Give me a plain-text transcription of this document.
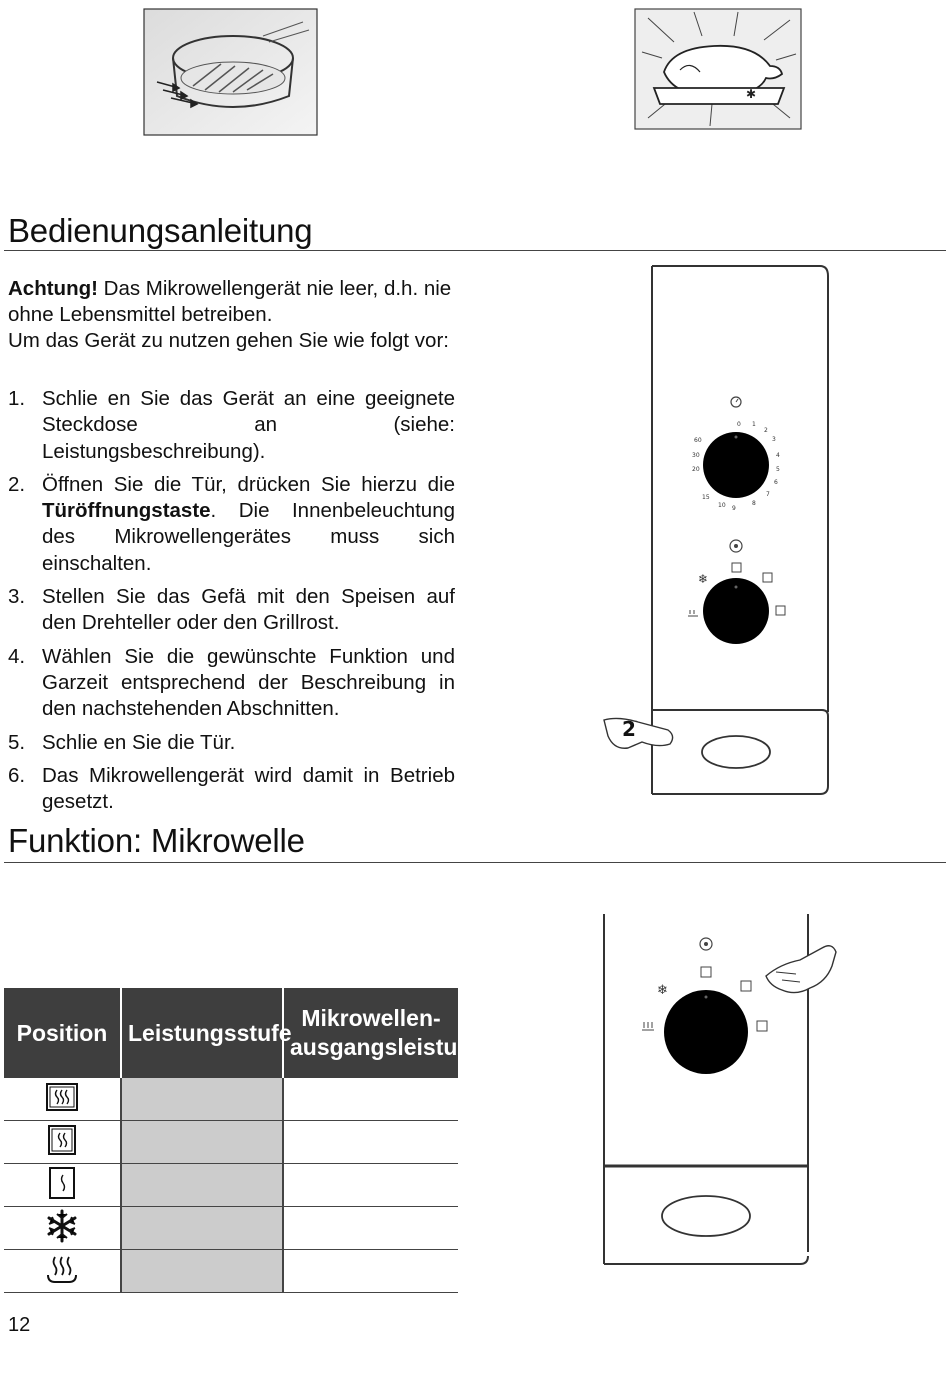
✱
Bedienungsanleitung

Achtung! Das Mikrowellengerät nie leer, d.h. nie ohne Lebensmittel betreiben.

Um das Gerät zu nutzen gehen Sie wie folgt vor:

1. Schlie en Sie das Gerät an eine geeignete Steckdose an (siehe: Leistungsbeschreibung).
2. Öffnen Sie die Tür, drücken Sie hierzu die Türöffnungstaste. Die Innenbeleuchtung des Mikrowellengerätes muss sich einschalten.
3. Stellen Sie das Gefä mit den Speisen auf den Drehteller oder den Grillrost.
4. Wählen Sie die gewünschte Funktion und Garzeit entsprechend der Beschreibung in den nachstehenden Abschnitten.
5. Schlie en Sie die Tür.
6. Das Mikrowellengerät wird damit in Betrieb gesetzt.
0 1
2
3
4
5
6
7
8
9
10
15
20
30
60
❄
2
Funktion: Mikrowelle
Position	Leistungsstufe	Mikrowellen-ausgangsleistung

❄
12
